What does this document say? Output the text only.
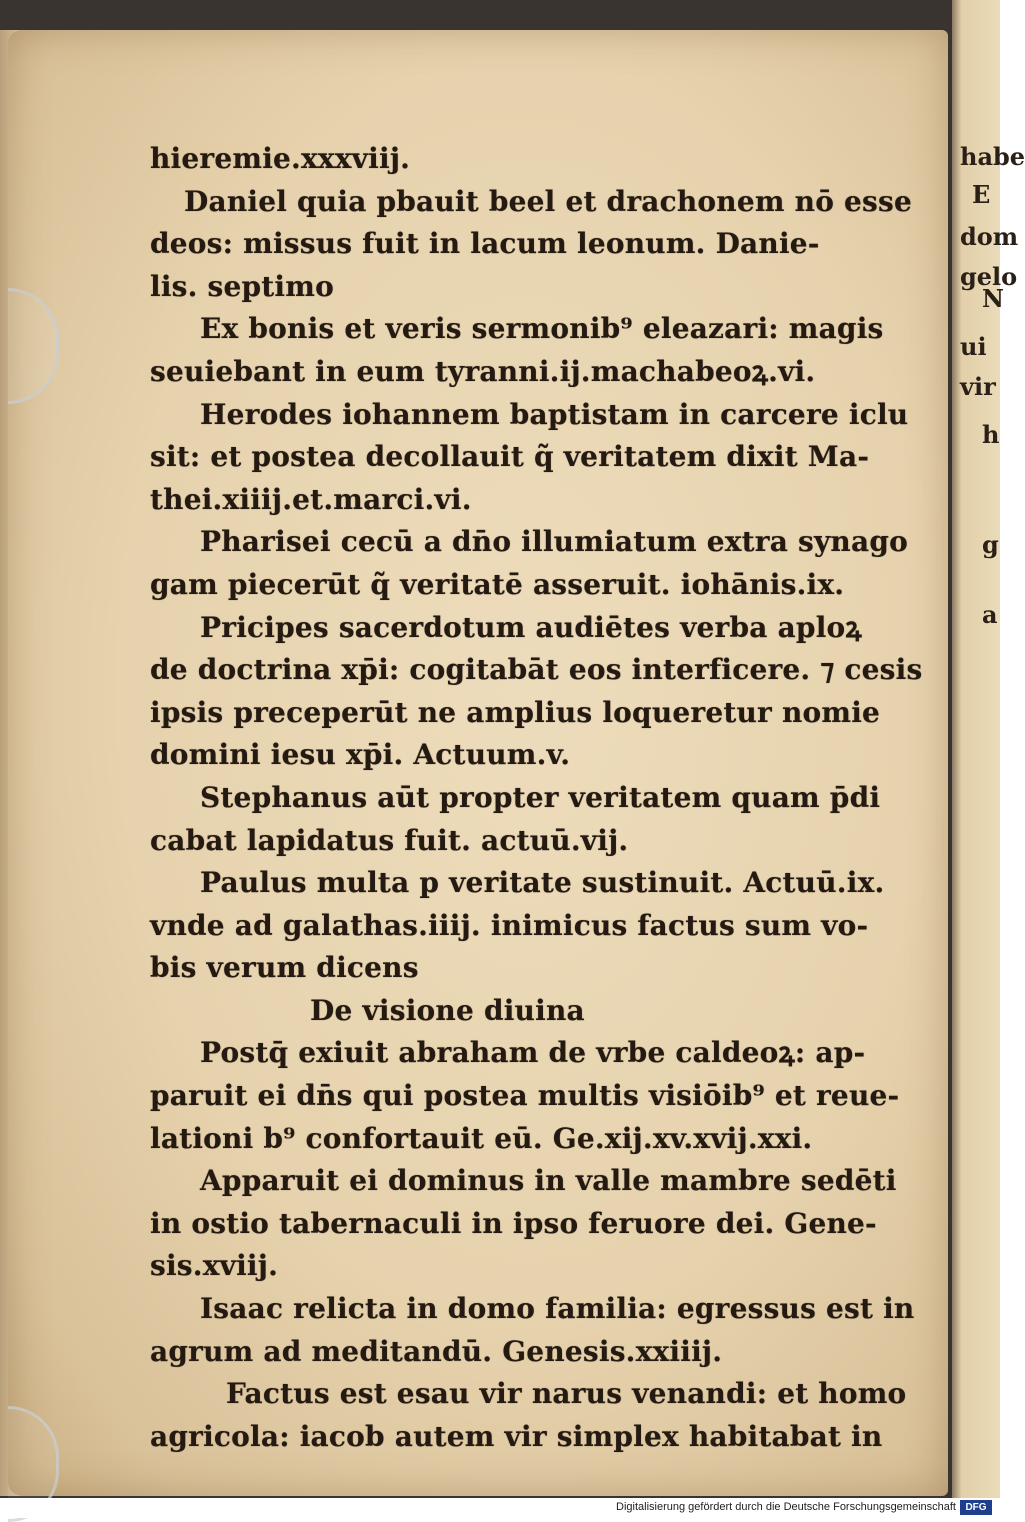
habe
E
dom
gelo
N
ui
vir
h
g
a
hieremie.xxxviij.
Daniel quia pbauit beel et drachonem nō esse
deos: missus fuit in lacum leonum. Danie-
lis. septimo
Ex bonis et veris sermonib⁹ eleazari: magis
seuiebant in eum tyranni.ij.machabeoꝝ.vi.
Herodes iohannem baptistam in carcere iclu
sit: et postea decollauit q̃ veritatem dixit Ma-
thei.xiiij.et.marci.vi.
Pharisei cecū a dn̄o illumiatum extra synago
gam piecerūt q̃ veritatē asseruit. iohānis.ix.
Pricipes sacerdotum audiētes verba aploꝝ
de doctrina xp̄i: cogitabāt eos interficere. ⁊ cesis
ipsis preceperūt ne amplius loqueretur nomie
domini iesu xp̄i. Actuum.v.
Stephanus aūt propter veritatem quam p̄di
cabat lapidatus fuit. actuū.vij.
Paulus multa p veritate sustinuit. Actuū.ix.
vnde ad galathas.iiij. inimicus factus sum vo-
bis verum dicens
De visione diuina
Postq̄ exiuit abraham de vrbe caldeoꝝ: ap-
paruit ei dn̄s qui postea multis visiōib⁹ et reue-
lationi b⁹ confortauit eū. Ge.xij.xv.xvij.xxi.
Apparuit ei dominus in valle mambre sedēti
in ostio tabernaculi in ipso feruore dei. Gene-
sis.xviij.
Isaac relicta in domo familia: egressus est in
agrum ad meditandū. Genesis.xxiiij.
Factus est esau vir narus venandi: et homo
agricola: iacob autem vir simplex habitabat in
Digitalisierung gefördert durch die Deutsche Forschungsgemeinschaft DFG
